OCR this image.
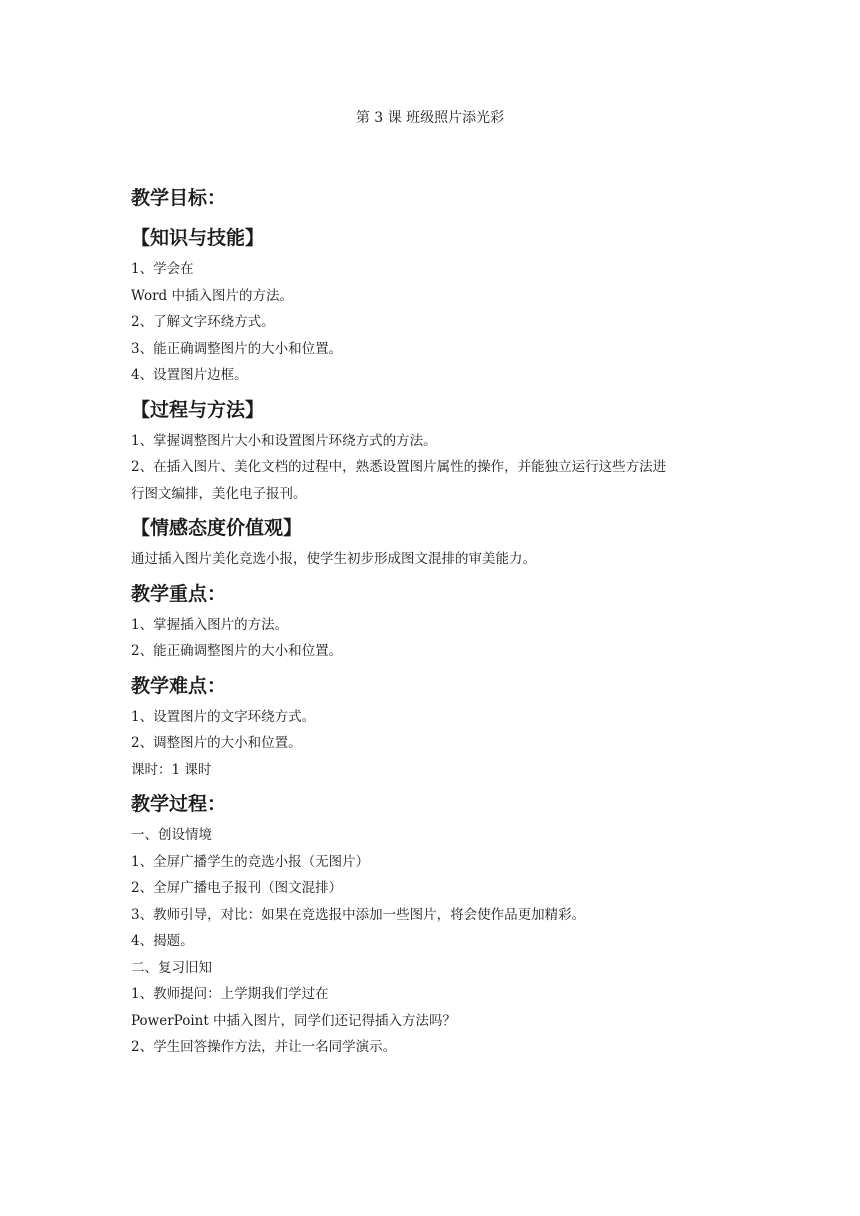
第 3 课 班级照片添光彩

教学目标：

【知识与技能】

1、学会在

Word 中插入图片的方法。

2、了解文字环绕方式。

3、能正确调整图片的大小和位置。

4、设置图片边框。

【过程与方法】

1、掌握调整图片大小和设置图片环绕方式的方法。

2、在插入图片、美化文档的过程中，熟悉设置图片属性的操作，并能独立运行这些方法进

行图文编排，美化电子报刊。

【情感态度价值观】

通过插入图片美化竞选小报，使学生初步形成图文混排的审美能力。

教学重点：

1、掌握插入图片的方法。

2、能正确调整图片的大小和位置。

教学难点：

1、设置图片的文字环绕方式。

2、调整图片的大小和位置。

课时：1 课时

教学过程：

一、创设情境

1、全屏广播学生的竞选小报（无图片）

2、全屏广播电子报刊（图文混排）

3、教师引导，对比：如果在竞选报中添加一些图片，将会使作品更加精彩。

4、揭题。

二、复习旧知

1、教师提问：上学期我们学过在

PowerPoint 中插入图片，同学们还记得插入方法吗？

2、学生回答操作方法，并让一名同学演示。
